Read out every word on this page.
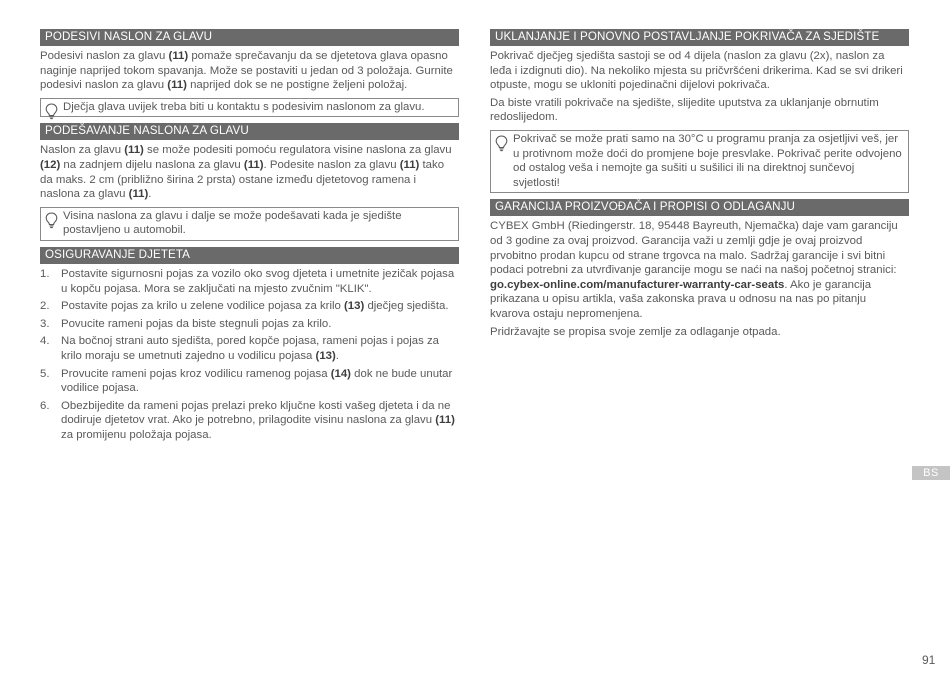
PODESIVI NASLON ZA GLAVU

Podesivi naslon za glavu (11) pomaže sprečavanju da se djetetova glava opasno naginje naprijed tokom spavanja. Može se postaviti u jedan od 3 položaja. Gurnite podesivi naslon za glavu (11) naprijed dok se ne postigne željeni položaj.

Dječja glava uvijek treba biti u kontaktu s podesivim naslonom za glavu.
PODEŠAVANJE NASLONA ZA GLAVU

Naslon za glavu (11) se može podesiti pomoću regulatora visine naslona za glavu (12) na zadnjem dijelu naslona za glavu (11). Podesite naslon za glavu (11) tako da maks. 2 cm (približno širina 2 prsta) ostane između djetetovog ramena i naslona za glavu (11).

Visina naslona za glavu i dalje se može podešavati kada je sjedište postavljeno u automobil.
OSIGURAVANJE DJETETA
1. Postavite sigurnosni pojas za vozilo oko svog djeteta i umetnite jezičak pojasa u kopču pojasa. Mora se zaključati na mjesto zvučnim "KLIK".
2. Postavite pojas za krilo u zelene vodilice pojasa za krilo (13) dječjeg sjedišta.
3. Povucite rameni pojas da biste stegnuli pojas za krilo.
4. Na bočnoj strani auto sjedišta, pored kopče pojasa, rameni pojas i pojas za krilo moraju se umetnuti zajedno u vodilicu pojasa (13).
5. Provucite rameni pojas kroz vodilicu ramenog pojasa (14) dok ne bude unutar vodilice pojasa.
6. Obezbijedite da rameni pojas prelazi preko ključne kosti vašeg djeteta i da ne dodiruje djetetov vrat. Ako je potrebno, prilagodite visinu naslona za glavu (11) za promijenu položaja pojasa.
UKLANJANJE I PONOVNO POSTAVLJANJE POKRIVAČA ZA SJEDIŠTE

Pokrivač dječjeg sjedišta sastoji se od 4 dijela (naslon za glavu (2x), naslon za leđa i izdignuti dio). Na nekoliko mjesta su pričvršćeni drikerima. Kad se svi drikeri otpuste, mogu se ukloniti pojedinačni dijelovi pokrivača.

Da biste vratili pokrivače na sjedište, slijedite uputstva za uklanjanje obrnutim redoslijedom.

Pokrivač se može prati samo na 30°C u programu pranja za osjetljivi veš, jer u protivnom može doći do promjene boje presvlake. Pokrivač perite odvojeno od ostalog veša i nemojte ga sušiti u sušilici ili na direktnoj sunčevoj svjetlosti!
GARANCIJA PROIZVOĐAČA I PROPISI O ODLAGANJU

CYBEX GmbH (Riedingerstr. 18, 95448 Bayreuth, Njemačka) daje vam garanciju od 3 godine za ovaj proizvod. Garancija važi u zemlji gdje je ovaj proizvod prvobitno prodan kupcu od strane trgovca na malo. Sadržaj garancije i svi bitni podaci potrebni za utvrđivanje garancije mogu se naći na našoj početnoj stranici: go.cybex-online.com/manufacturer-warranty-car-seats. Ako je garancija prikazana u opisu artikla, vaša zakonska prava u odnosu na nas po pitanju kvarova ostaju nepromenjena.

Pridržavajte se propisa svoje zemlje za odlaganje otpada.

BS
91
